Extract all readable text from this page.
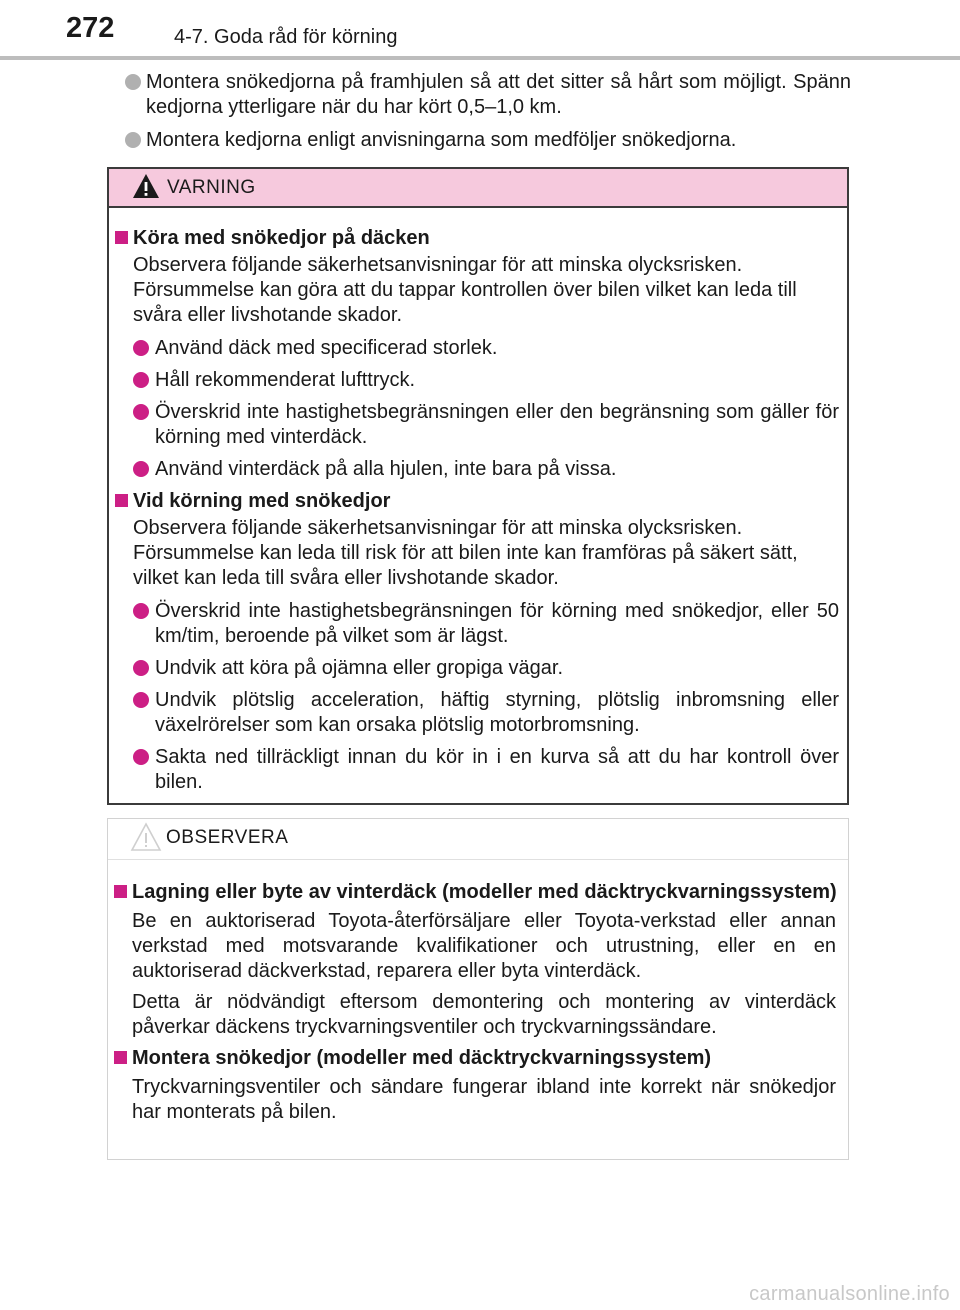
272	4-7. Goda råd för körning
Montera snökedjorna på framhjulen så att det sitter så hårt som möjligt. Spänn kedjorna ytterligare när du har kört 0,5–1,0 km.
Montera kedjorna enligt anvisningarna som medföljer snökedjorna.
VARNING
Köra med snökedjor på däcken
Observera följande säkerhetsanvisningar för att minska olycksrisken. Försummelse kan göra att du tappar kontrollen över bilen vilket kan leda till svåra eller livshotande skador.
Använd däck med specificerad storlek.
Håll rekommenderat lufttryck.
Överskrid inte hastighetsbegränsningen eller den begränsning som gäller för körning med vinterdäck.
Använd vinterdäck på alla hjulen, inte bara på vissa.
Vid körning med snökedjor
Observera följande säkerhetsanvisningar för att minska olycksrisken. Försummelse kan leda till risk för att bilen inte kan framföras på säkert sätt, vilket kan leda till svåra eller livshotande skador.
Överskrid inte hastighetsbegränsningen för körning med snökedjor, eller 50 km/tim, beroende på vilket som är lägst.
Undvik att köra på ojämna eller gropiga vägar.
Undvik plötslig acceleration, häftig styrning, plötslig inbromsning eller växelrörelser som kan orsaka plötslig motorbromsning.
Sakta ned tillräckligt innan du kör in i en kurva så att du har kontroll över bilen.
OBSERVERA
Lagning eller byte av vinterdäck (modeller med däcktryckvarningssystem)
Be en auktoriserad Toyota-återförsäljare eller Toyota-verkstad eller annan verkstad med motsvarande kvalifikationer och utrustning, eller en en auktoriserad däckverkstad, reparera eller byta vinterdäck.
Detta är nödvändigt eftersom demontering och montering av vinterdäck påverkar däckens tryckvarningsventiler och tryckvarningssändare.
Montera snökedjor (modeller med däcktryckvarningssystem)
Tryckvarningsventiler och sändare fungerar ibland inte korrekt när snökedjor har monterats på bilen.
carmanualsonline.info
